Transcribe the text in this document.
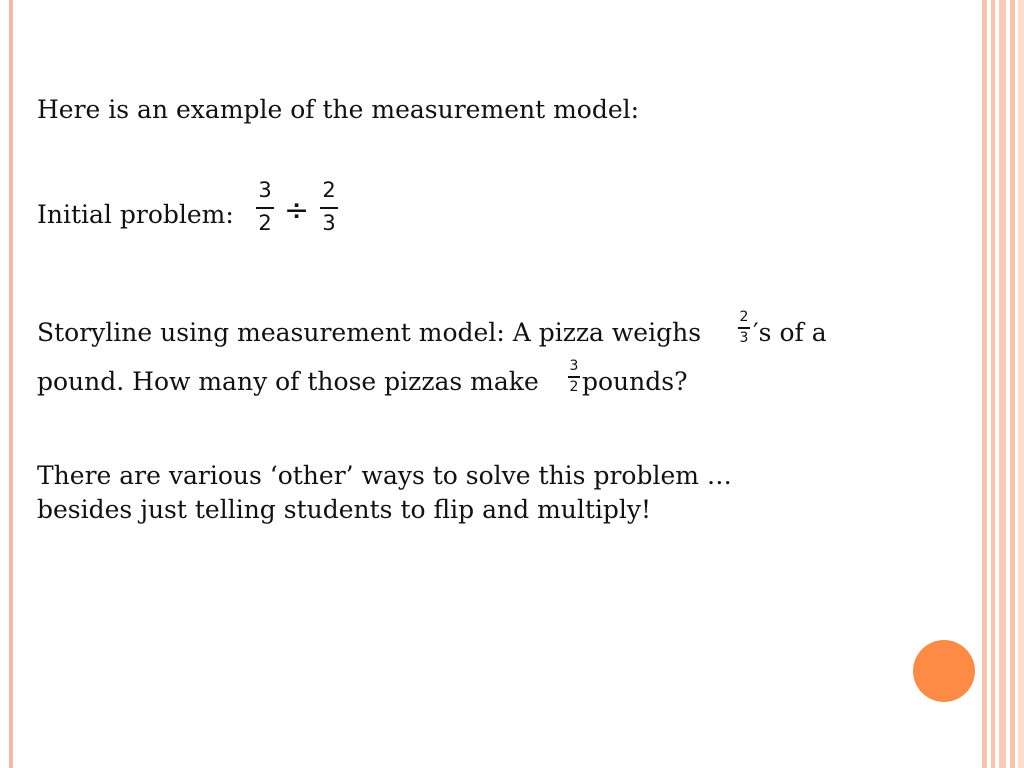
Here is an example of the measurement model:
Initial problem:
3
2 ÷
2
3
Storyline using measurement model: A pizza weighs
2
3 ′s of a
pound. How many of those pizzas make
3
2 pounds?
There are various ‘other’ ways to solve this problem …
besides just telling students to flip and multiply!
